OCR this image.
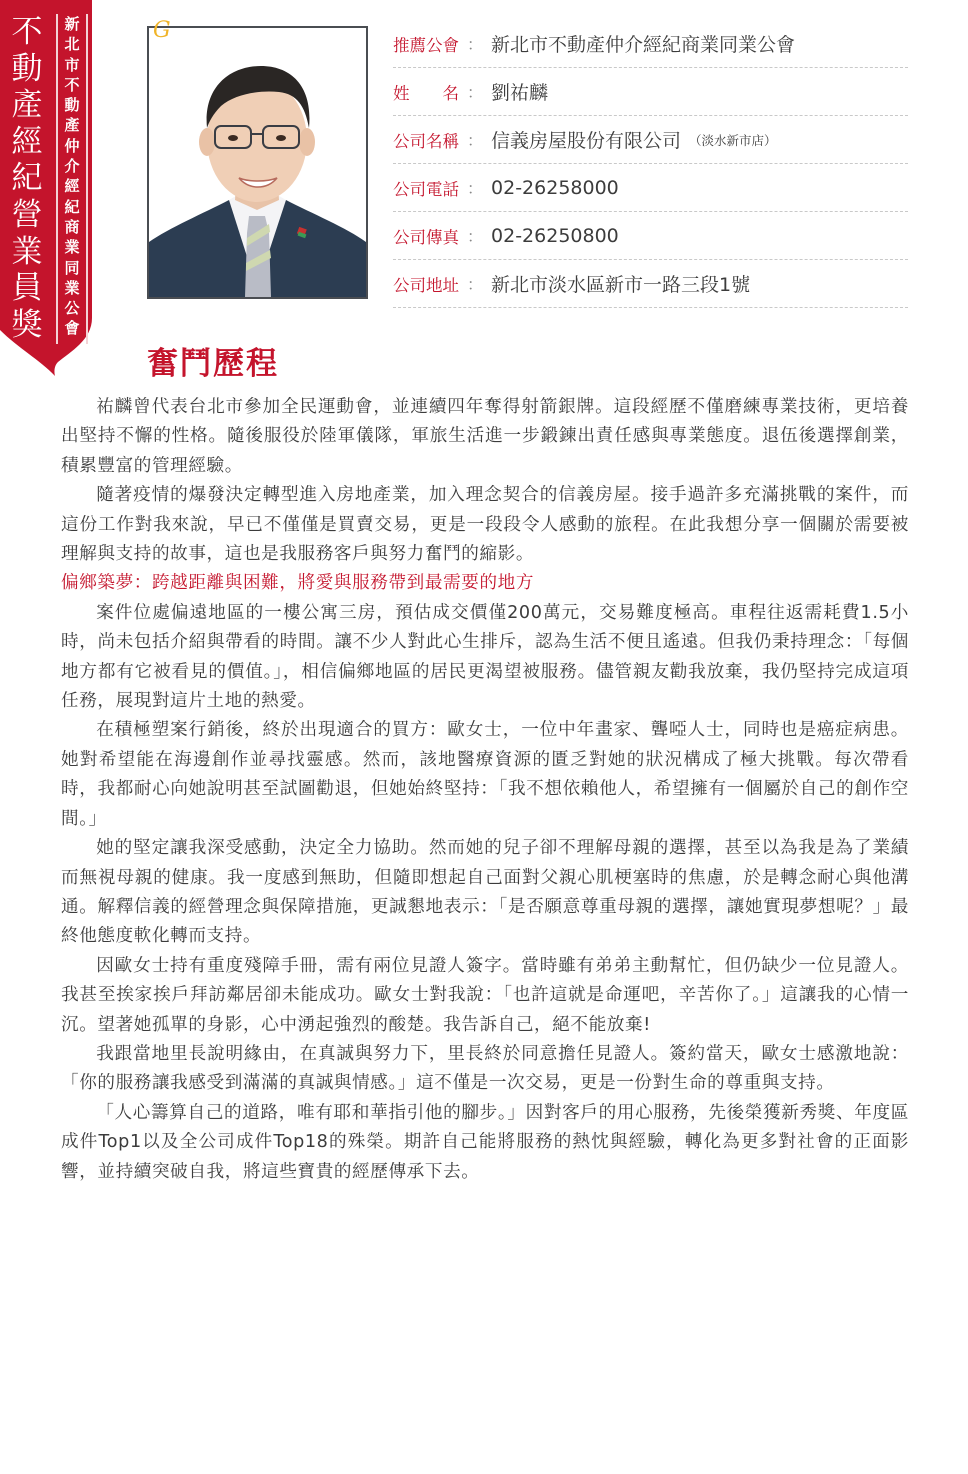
不動產經紀營業員獎
新北市不動產仲介經紀商業同業公會
G
推薦公會 ： 新北市不動產仲介經紀商業同業公會
姓　　名 ： 劉祐麟
公司名稱 ： 信義房屋股份有限公司 （淡水新市店）
公司電話 ： 02-26258000
公司傳真 ： 02-26250800
公司地址 ： 新北市淡水區新市一路三段1號
奮鬥歷程

祐麟曾代表台北市參加全民運動會，並連續四年奪得射箭銀牌。這段經歷不僅磨練專業技術，更培養出堅持不懈的性格。隨後服役於陸軍儀隊，軍旅生活進一步鍛鍊出責任感與專業態度。退伍後選擇創業，積累豐富的管理經驗。

隨著疫情的爆發決定轉型進入房地產業，加入理念契合的信義房屋。接手過許多充滿挑戰的案件，而這份工作對我來說，早已不僅僅是買賣交易，更是一段段令人感動的旅程。在此我想分享一個關於需要被理解與支持的故事，這也是我服務客戶與努力奮鬥的縮影。

偏鄉築夢：跨越距離與困難，將愛與服務帶到最需要的地方

案件位處偏遠地區的一樓公寓三房，預估成交價僅200萬元，交易難度極高。車程往返需耗費1.5小時，尚未包括介紹與帶看的時間。讓不少人對此心生排斥，認為生活不便且遙遠。但我仍秉持理念：「每個地方都有它被看見的價值。」，相信偏鄉地區的居民更渴望被服務。儘管親友勸我放棄，我仍堅持完成這項任務，展現對這片土地的熱愛。

在積極塑案行銷後，終於出現適合的買方：歐女士，一位中年畫家、聾啞人士，同時也是癌症病患。她對希望能在海邊創作並尋找靈感。然而，該地醫療資源的匱乏對她的狀況構成了極大挑戰。每次帶看時，我都耐心向她說明甚至試圖勸退，但她始終堅持：「我不想依賴他人，希望擁有一個屬於自己的創作空間。」

她的堅定讓我深受感動，決定全力協助。然而她的兒子卻不理解母親的選擇，甚至以為我是為了業績而無視母親的健康。我一度感到無助，但隨即想起自己面對父親心肌梗塞時的焦慮，於是轉念耐心與他溝通。解釋信義的經營理念與保障措施，更誠懇地表示：「是否願意尊重母親的選擇，讓她實現夢想呢？」最終他態度軟化轉而支持。

因歐女士持有重度殘障手冊，需有兩位見證人簽字。當時雖有弟弟主動幫忙，但仍缺少一位見證人。我甚至挨家挨戶拜訪鄰居卻未能成功。歐女士對我說：「也許這就是命運吧，辛苦你了。」這讓我的心情一沉。望著她孤單的身影，心中湧起強烈的酸楚。我告訴自己，絕不能放棄!

我跟當地里長說明緣由，在真誠與努力下，里長終於同意擔任見證人。簽約當天，歐女士感激地說：「你的服務讓我感受到滿滿的真誠與情感。」這不僅是一次交易，更是一份對生命的尊重與支持。

「人心籌算自己的道路，唯有耶和華指引他的腳步。」因對客戶的用心服務，先後榮獲新秀獎、年度區成件Top1以及全公司成件Top18的殊榮。期許自己能將服務的熱忱與經驗，轉化為更多對社會的正面影響，並持續突破自我，將這些寶貴的經歷傳承下去。
